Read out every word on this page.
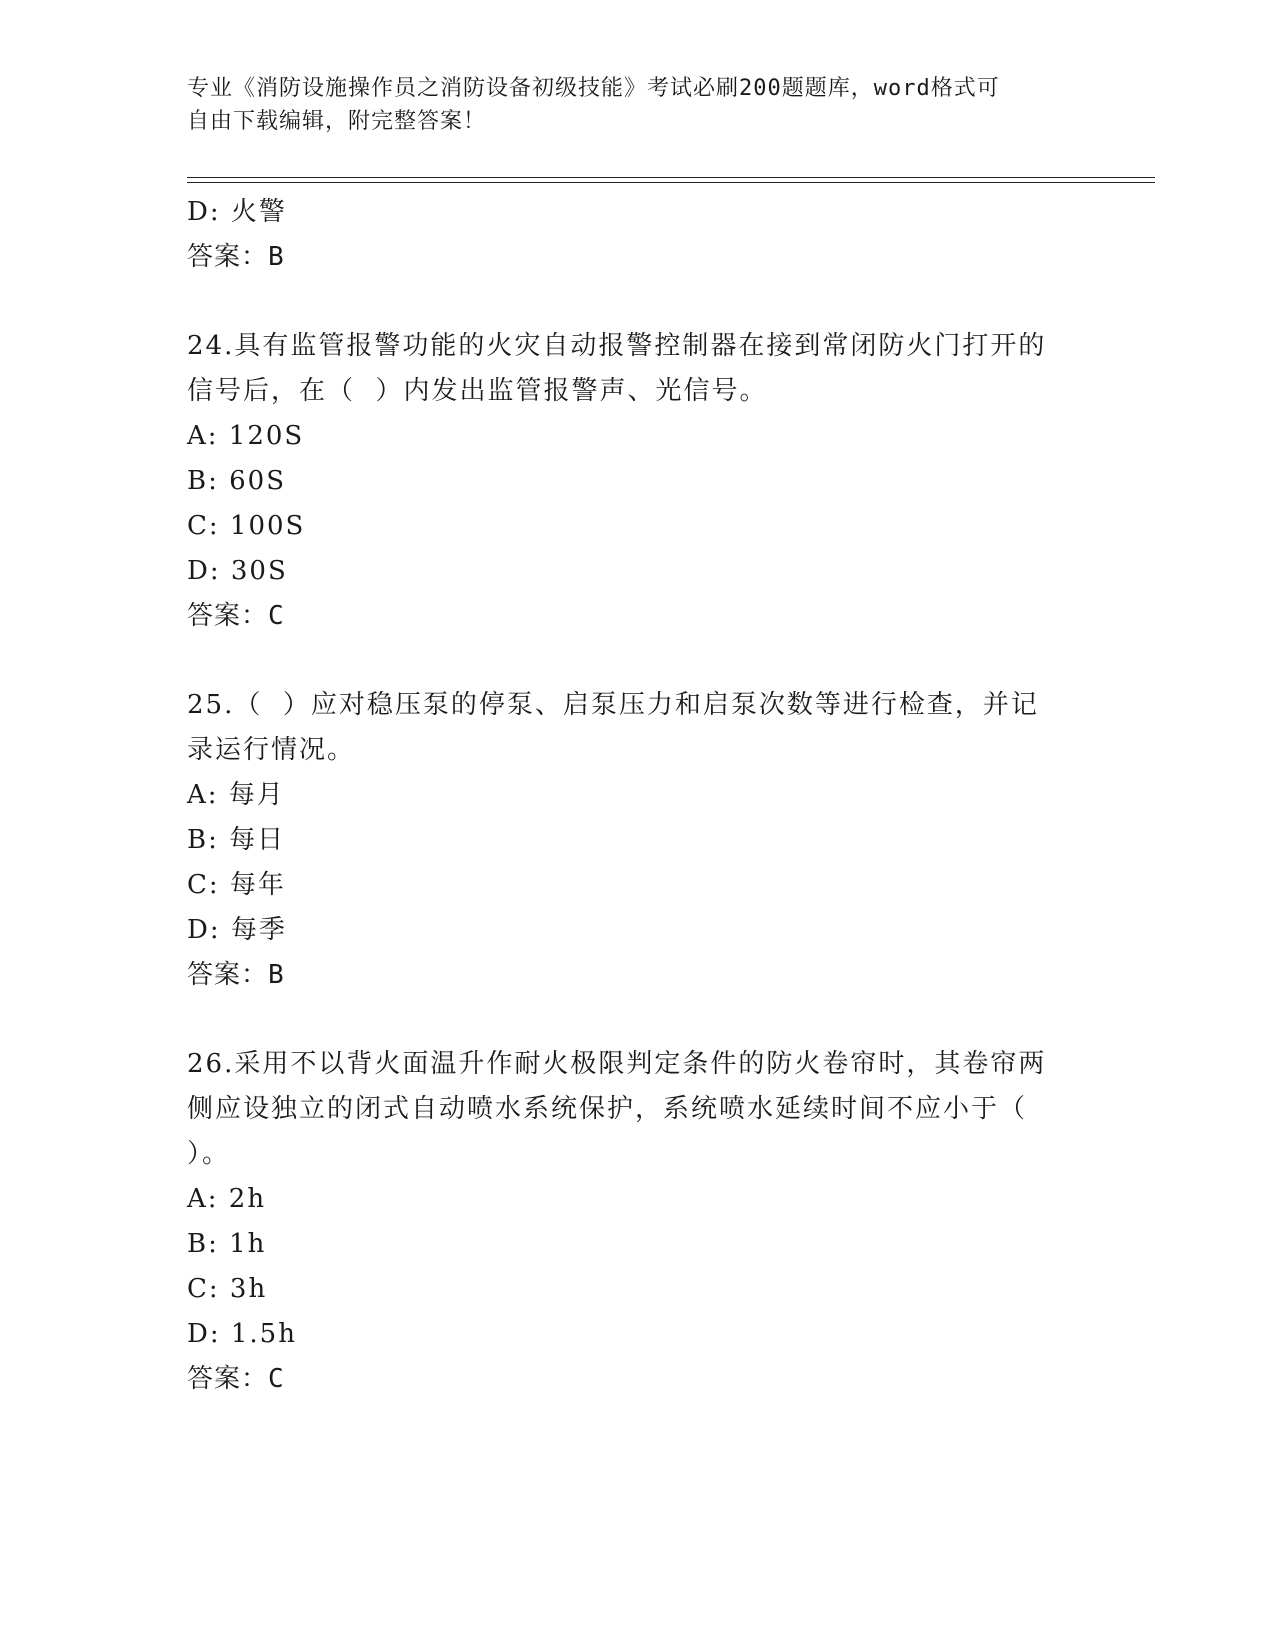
专业《消防设施操作员之消防设备初级技能》考试必刷200题题库，word格式可
自由下载编辑，附完整答案！
D: 火警
答案：B
24.具有监管报警功能的火灾自动报警控制器在接到常闭防火门打开的
信号后，在（  ）内发出监管报警声、光信号。
A: 120S
B: 60S
C: 100S
D: 30S
答案：C
25.（  ）应对稳压泵的停泵、启泵压力和启泵次数等进行检查，并记
录运行情况。
A: 每月
B: 每日
C: 每年
D: 每季
答案：B
26.采用不以背火面温升作耐火极限判定条件的防火卷帘时，其卷帘两
侧应设独立的闭式自动喷水系统保护，系统喷水延续时间不应小于（
）。
A: 2h
B: 1h
C: 3h
D: 1.5h
答案：C
